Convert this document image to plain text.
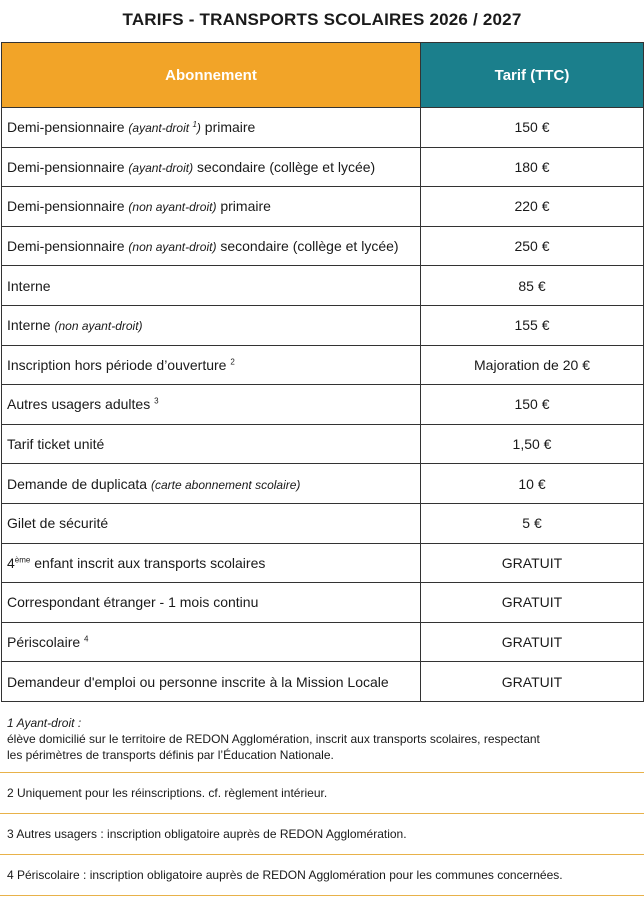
TARIFS - TRANSPORTS SCOLAIRES 2026 / 2027
Abonnement	Tarif (TTC)
Demi-pensionnaire (ayant-droit $^1$) primaire	150 €
Demi-pensionnaire (ayant-droit) secondaire (collège et lycée)	180 €
Demi-pensionnaire (non ayant-droit) primaire	220 €
Demi-pensionnaire (non ayant-droit) secondaire (collège et lycée)	250 €
Interne	85 €
Interne (non ayant-droit)	155 €
Inscription hors période d’ouverture $^2$	Majoration de 20 €
Autres usagers adultes $^3$	150 €
Tarif ticket unité	1,50 €
Demande de duplicata (carte abonnement scolaire)	10 €
Gilet de sécurité	5 €
4ème enfant inscrit aux transports scolaires	GRATUIT
Correspondant étranger - 1 mois continu	GRATUIT
Périscolaire $^4$	GRATUIT
Demandeur d'emploi ou personne inscrite à la Mission Locale	GRATUIT
1 Ayant-droit :
élève domicilié sur le territoire de REDON Agglomération, inscrit aux transports scolaires, respectant
les périmètres de transports définis par l’Éducation Nationale.
2 Uniquement pour les réinscriptions. cf. règlement intérieur.
3 Autres usagers : inscription obligatoire auprès de REDON Agglomération.
4 Périscolaire : inscription obligatoire auprès de REDON Agglomération pour les communes concernées.
